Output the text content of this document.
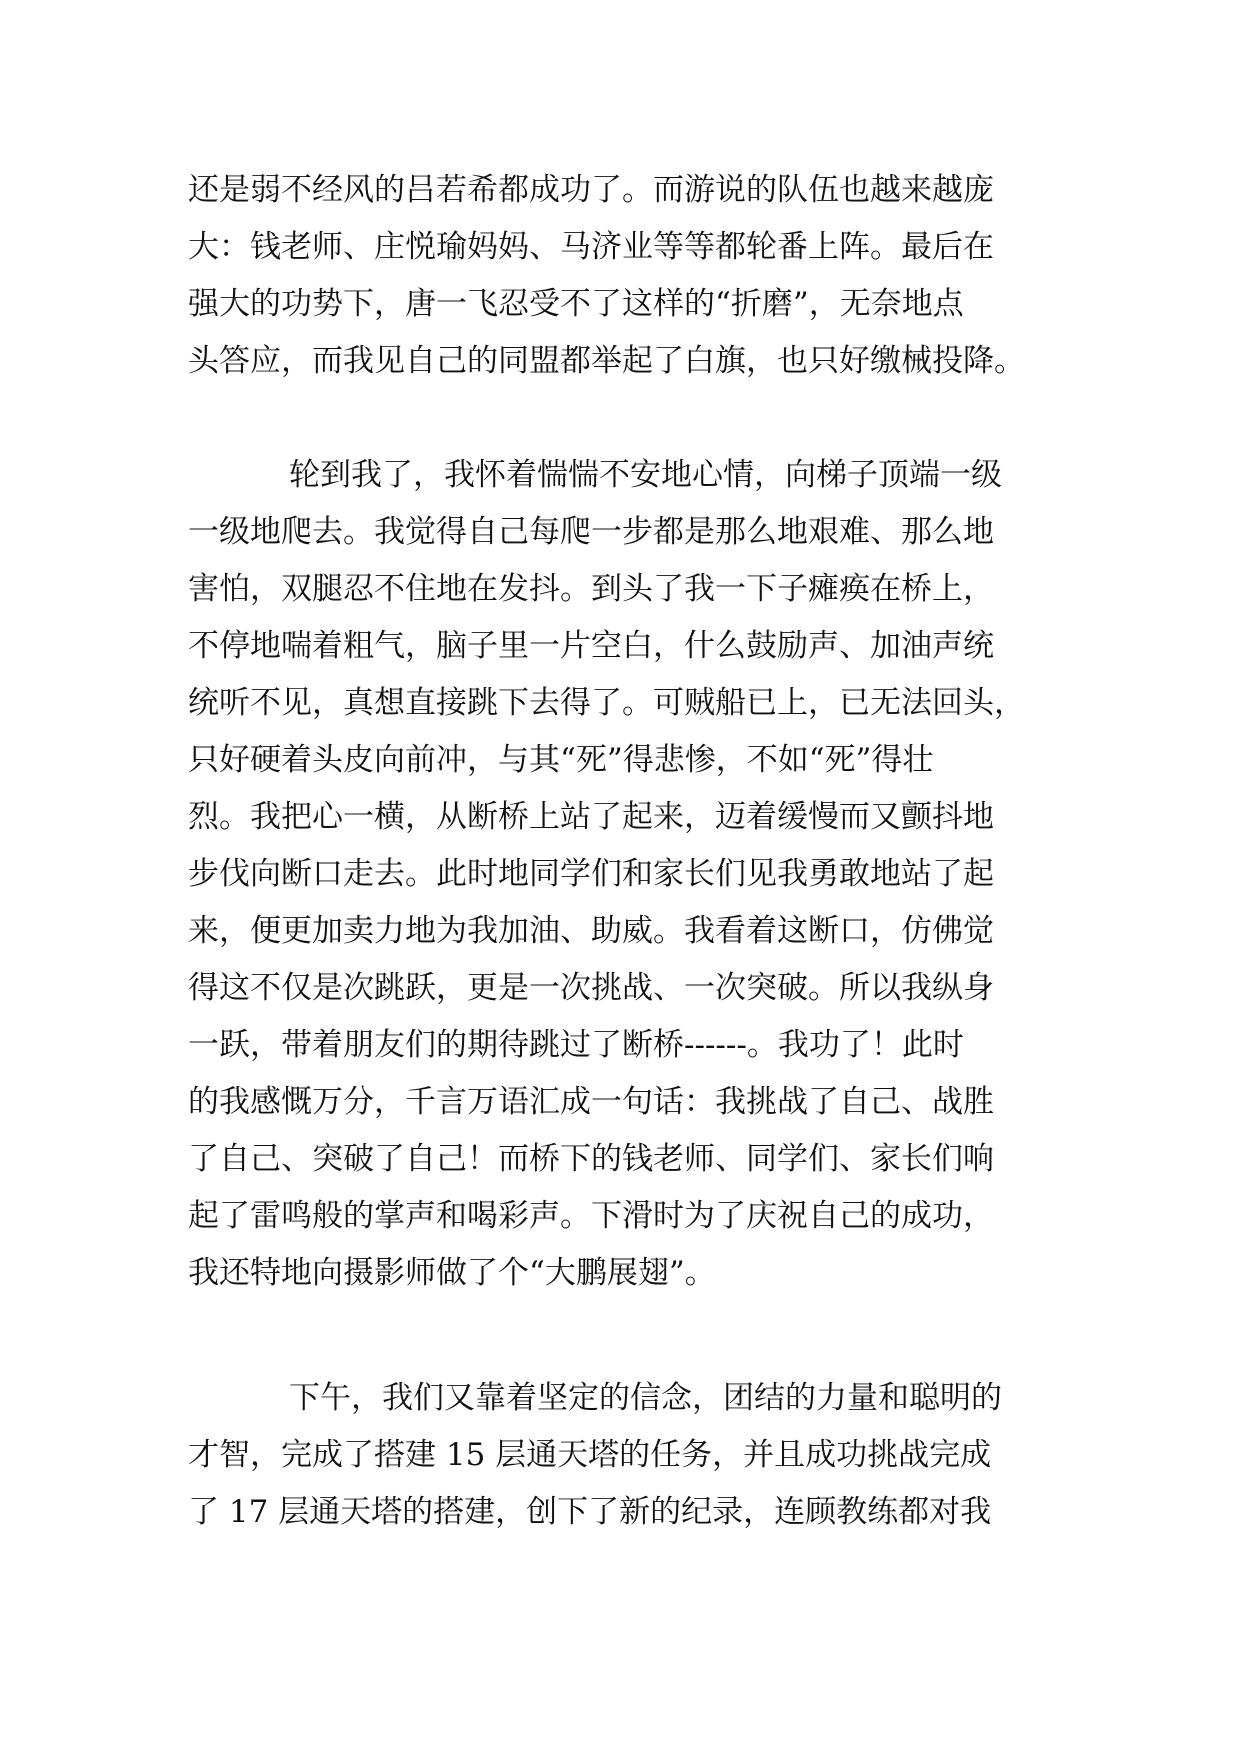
还是弱不经风的吕若希都成功了。而游说的队伍也越来越庞
大：钱老师、庄悦瑜妈妈、马济业等等都轮番上阵。最后在
强大的功势下，唐一飞忍受不了这样的“折磨”，无奈地点
头答应，而我见自己的同盟都举起了白旗，也只好缴械投降。
轮到我了，我怀着惴惴不安地心情，向梯子顶端一级
一级地爬去。我觉得自己每爬一步都是那么地艰难、那么地
害怕，双腿忍不住地在发抖。到头了我一下子瘫痪在桥上，
不停地喘着粗气，脑子里一片空白，什么鼓励声、加油声统
统听不见，真想直接跳下去得了。可贼船已上，已无法回头，
只好硬着头皮向前冲，与其“死”得悲惨，不如“死”得壮
烈。我把心一横，从断桥上站了起来，迈着缓慢而又颤抖地
步伐向断口走去。此时地同学们和家长们见我勇敢地站了起
来，便更加卖力地为我加油、助威。我看着这断口，仿佛觉
得这不仅是次跳跃，更是一次挑战、一次突破。所以我纵身
一跃，带着朋友们的期待跳过了断桥------。我功了！此时
的我感慨万分，千言万语汇成一句话：我挑战了自己、战胜
了自己、突破了自己！而桥下的钱老师、同学们、家长们响
起了雷鸣般的掌声和喝彩声。下滑时为了庆祝自己的成功，
我还特地向摄影师做了个“大鹏展翅”。
下午，我们又靠着坚定的信念，团结的力量和聪明的
才智，完成了搭建 15 层通天塔的任务，并且成功挑战完成
了 17 层通天塔的搭建，创下了新的纪录，连顾教练都对我
